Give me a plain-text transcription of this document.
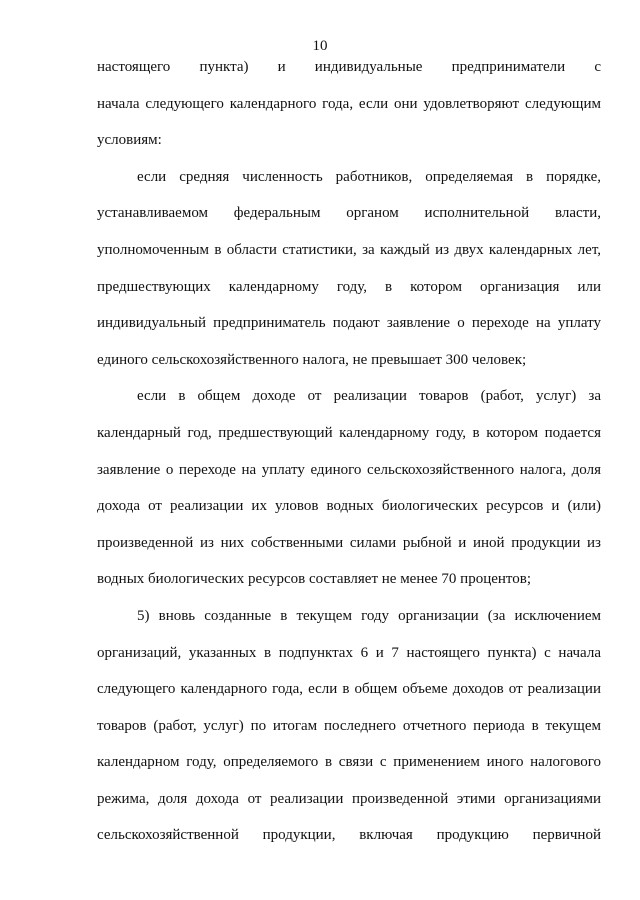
10
настоящего пункта) и индивидуальные предприниматели с
начала следующего календарного года, если они удовлетворяют следующим
условиям:
если средняя численность работников, определяемая в порядке,
устанавливаемом федеральным органом исполнительной власти,
уполномоченным в области статистики, за каждый из двух календарных лет,
предшествующих календарному году, в котором организация или
индивидуальный предприниматель подают заявление о переходе на уплату
единого сельскохозяйственного налога, не превышает 300 человек;
если в общем доходе от реализации товаров (работ, услуг) за
календарный год, предшествующий календарному году, в котором подается
заявление о переходе на уплату единого сельскохозяйственного налога, доля
дохода от реализации их уловов водных биологических ресурсов и (или)
произведенной из них собственными силами рыбной и иной продукции из
водных биологических ресурсов составляет не менее 70 процентов;
5) вновь созданные в текущем году организации (за исключением
организаций, указанных в подпунктах 6 и 7 настоящего пункта) с начала
следующего календарного года, если в общем объеме доходов от реализации
товаров (работ, услуг) по итогам последнего отчетного периода в текущем
календарном году, определяемого в связи с применением иного налогового
режима, доля дохода от реализации произведенной этими организациями
сельскохозяйственной продукции, включая продукцию первичной
